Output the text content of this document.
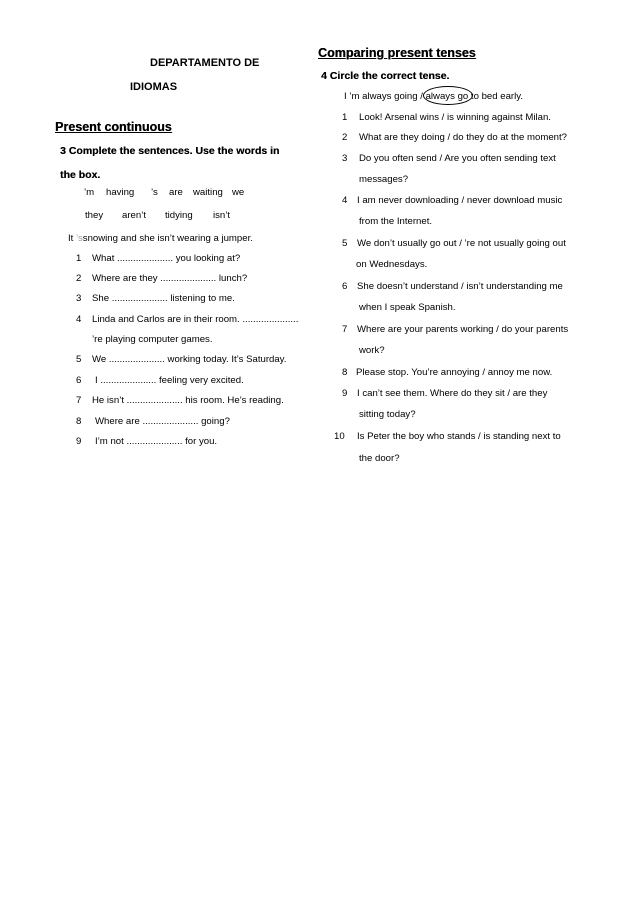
DEPARTAMENTO DE
IDIOMAS
Present continuous
3 Complete the sentences. Use the words in
the box.
’m having ’s are waiting we
they aren’t tidying isn’t
It ’ssnowing and she isn’t wearing a jumper.
1 What ..................... you looking at?
2 Where are they ..................... lunch?
3 She ..................... listening to me.
4 Linda and Carlos are in their room. .....................
’re playing computer games.
5 We ..................... working today. It’s Saturday.
6 I ..................... feeling very excited.
7 He isn’t ..................... his room. He’s reading.
8 Where are ..................... going?
9 I’m not ..................... for you.
Comparing present tenses
4 Circle the correct tense.
I ’m always going / always go to bed early.
1 Look! Arsenal wins / is winning against Milan.
2 What are they doing / do they do at the moment?
3 Do you often send / Are you often sending text
messages?
4 I am never downloading / never download music
from the Internet.
5 We don’t usually go out / ’re not usually going out
on Wednesdays.
6 She doesn’t understand / isn’t understanding me
when I speak Spanish.
7 Where are your parents working / do your parents
work?
8 Please stop. You’re annoying / annoy me now.
9 I can’t see them. Where do they sit / are they
sitting today?
10 Is Peter the boy who stands / is standing next to
the door?
